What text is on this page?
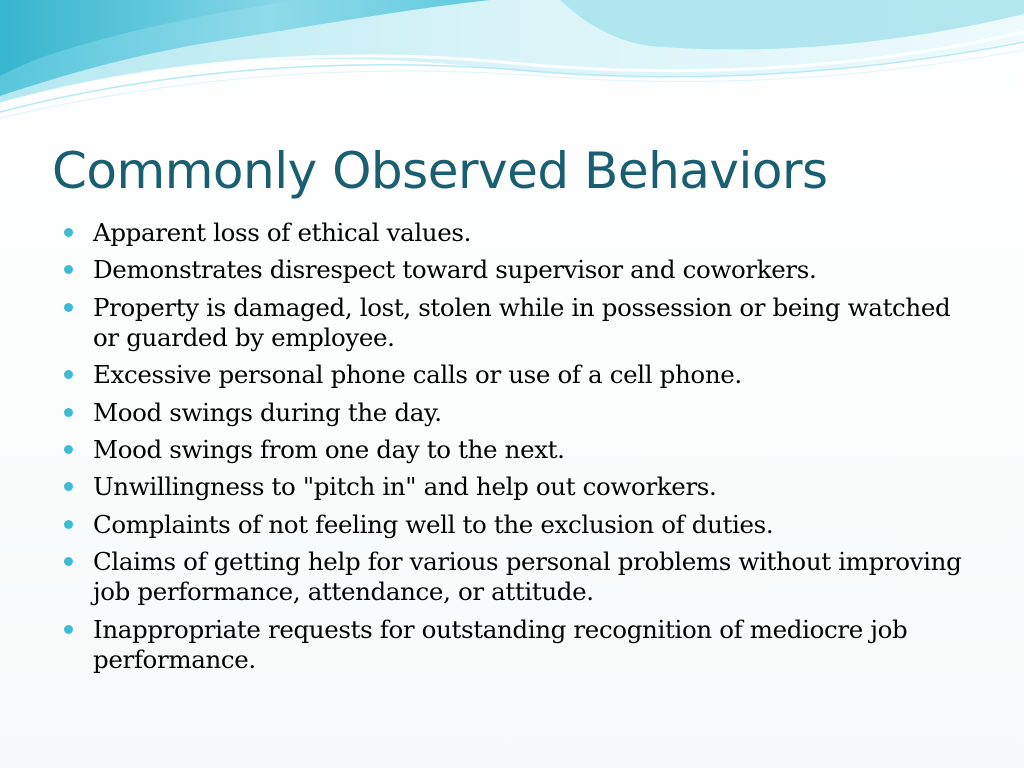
Commonly Observed Behaviors
Apparent loss of ethical values.
Demonstrates disrespect toward supervisor and coworkers.
Property is damaged, lost, stolen while in possession or being watched or guarded by employee.
Excessive personal phone calls or use of a cell phone.
Mood swings during the day.
Mood swings from one day to the next.
Unwillingness to "pitch in" and help out coworkers.
Complaints of not feeling well to the exclusion of duties.
Claims of getting help for various personal problems without improving job performance, attendance, or attitude.
Inappropriate requests for outstanding recognition of mediocre job performance.
